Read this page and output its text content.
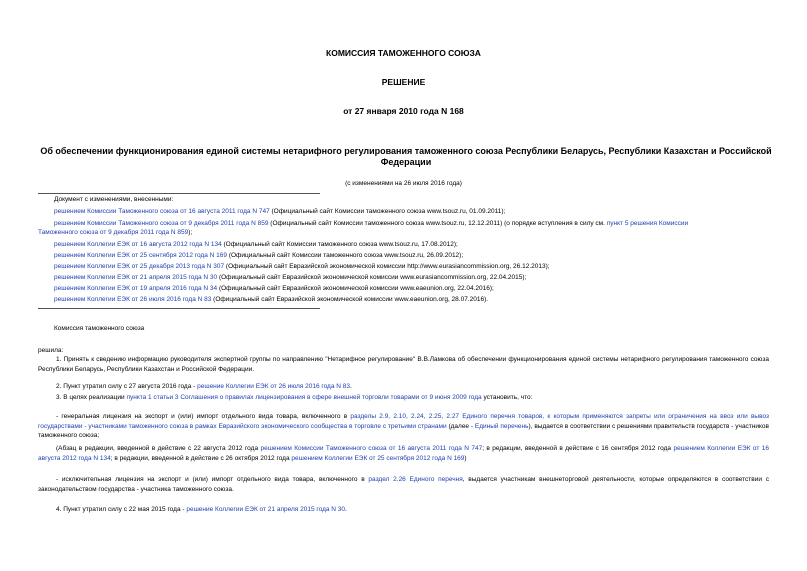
КОМИССИЯ ТАМОЖЕННОГО СОЮЗА
РЕШЕНИЕ
от 27 января 2010 года N 168
Об обеспечении функционирования единой системы нетарифного регулирования таможенного союза Республики Беларусь, Республики Казахстан и Российской Федерации
(с изменениями на 26 июля 2016 года)
Документ с изменениями, внесенными:
решением Комиссии Таможенного союза от 16 августа 2011 года N 747 (Официальный сайт Комиссии таможенного союза www.tsouz.ru, 01.09.2011);
решением Комиссии Таможенного союза от 9 декабря 2011 года N 859 (Официальный сайт Комиссии таможенного союза www.tsouz.ru, 12.12.2011) (о порядке вступления в силу см. пункт 5 решения Комиссии
Таможенного союза от 9 декабря 2011 года N 859);
решением Коллегии ЕЭК от 16 августа 2012 года N 134 (Официальный сайт Комиссии таможенного союза www.tsouz.ru, 17.08.2012);
решением Коллегии ЕЭК от 25 сентября 2012 года N 169 (Официальный сайт Комиссии таможенного союза www.tsouz.ru, 26.09.2012);
решением Коллегии ЕЭК от 25 декабря 2013 года N 307 (Официальный сайт Евразийской экономической комиссии http://www.eurasiancommission.org, 26.12.2013);
решением Коллегии ЕЭК от 21 апреля 2015 года N 30 (Официальный сайт Евразийской экономической комиссии www.eurasiancommission.org, 22.04.2015);
решением Коллегии ЕЭК от 19 апреля 2016 года N 34 (Официальный сайт Евразийской экономической комиссии www.eaeunion.org, 22.04.2016);
решением Коллегии ЕЭК от 26 июля 2016 года N 83 (Официальный сайт Евразийской экономической комиссии www.eaeunion.org, 28.07.2016).
Комиссия таможенного союза
решила:

1. Принять к сведению информацию руководителя экспертной группы по направлению "Нетарифное регулирование" В.В.Ламкова об обеспечении функционирования единой системы нетарифного регулирования таможенного союза Республики Беларусь, Республики Казахстан и Российской Федерации.

2. Пункт утратил силу с 27 августа 2016 года - решение Коллегии ЕЭК от 26 июля 2016 года N 83.

3. В целях реализации пункта 1 статьи 3 Соглашения о правилах лицензирования в сфере внешней торговли товарами от 9 июня 2009 года установить, что:

- генеральная лицензия на экспорт и (или) импорт отдельного вида товара, включенного в разделы 2.9, 2.10, 2.24, 2.25, 2.27 Единого перечня товаров, к которым применяются запреты или ограничения на ввоз или вывоз государствами - участниками таможенного союза в рамках Евразийского экономического сообщества в торговле с третьими странами (далее - Единый перечень), выдается в соответствии с решениями правительств государств - участников таможенного союза;

(Абзац в редакции, введенной в действие с 22 августа 2012 года решением Комиссии Таможенного союза от 16 августа 2011 года N 747; в редакции, введенной в действие с 16 сентября 2012 года решением Коллегии ЕЭК от 16 августа 2012 года N 134; в редакции, введенной в действие с 26 октября 2012 года решением Коллегии ЕЭК от 25 сентября 2012 года N 169)

- исключительная лицензия на экспорт и (или) импорт отдельного вида товара, включенного в раздел 2.26 Единого перечня, выдается участникам внешнеторговой деятельности, которые определяются в соответствии с законодательством государства - участника таможенного союза.

4. Пункт утратил силу с 22 мая 2015 года - решение Коллегии ЕЭК от 21 апреля 2015 года N 30.
